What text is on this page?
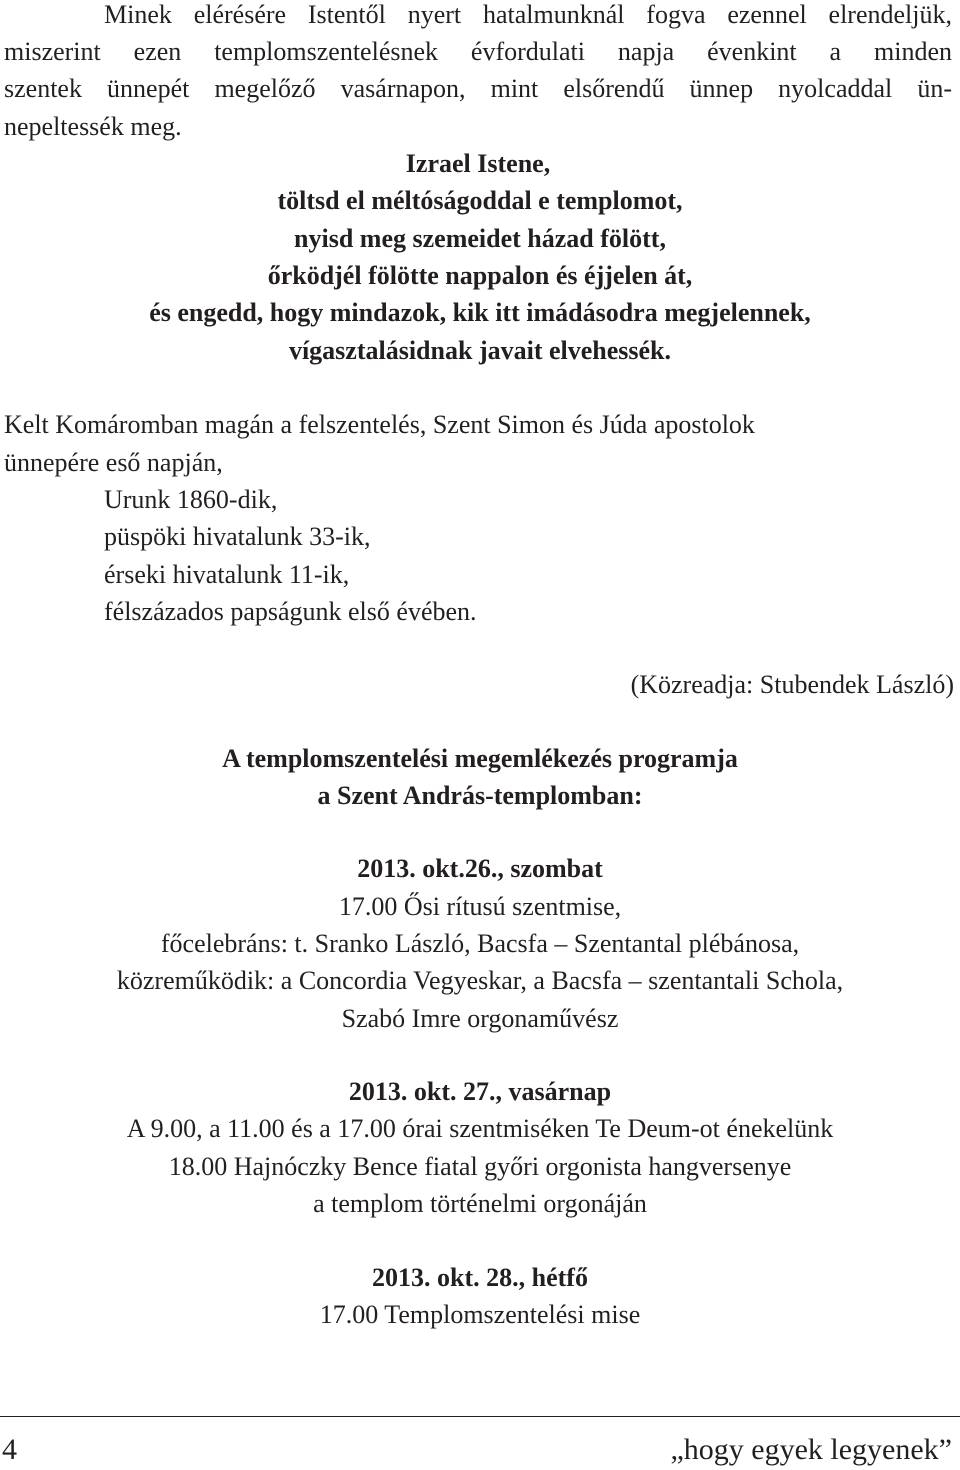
Minek elérésére Istentől nyert hatalmunknál fogva ezennel elrendeljük,
miszerint ezen templomszentelésnek évfordulati napja évenkint a minden
szentek ünnepét megelőző vasárnapon, mint elsőrendű ünnep nyolcaddal ün-
nepeltessék meg.
Izrael Istene,
töltsd el méltóságoddal e templomot,
nyisd meg szemeidet házad fölött,
őrködjél fölötte nappalon és éjjelen át,
és engedd, hogy mindazok, kik itt imádásodra megjelennek,
vígasztalásidnak javait elvehessék.
Kelt Komáromban magán a felszentelés, Szent Simon és Júda apostolok
ünnepére eső napján,
Urunk 1860-dik,
püspöki hivatalunk 33-ik,
érseki hivatalunk 11-ik,
félszázados papságunk első évében.
(Közreadja: Stubendek László)
A templomszentelési megemlékezés programja
a Szent András-templomban:
2013. okt.26., szombat
17.00 Ősi rítusú szentmise,
főcelebráns: t. Sranko László, Bacsfa – Szentantal plébánosa,
közreműködik: a Concordia Vegyeskar, a Bacsfa – szentantali Schola,
Szabó Imre orgonaművész
2013. okt. 27., vasárnap
A 9.00, a 11.00 és a 17.00 órai szentmiséken Te Deum-ot énekelünk
18.00 Hajnóczky Bence fiatal győri orgonista hangversenye
a templom történelmi orgonáján
2013. okt. 28., hétfő
17.00 Templomszentelési mise
4	„hogy egyek legyenek”
